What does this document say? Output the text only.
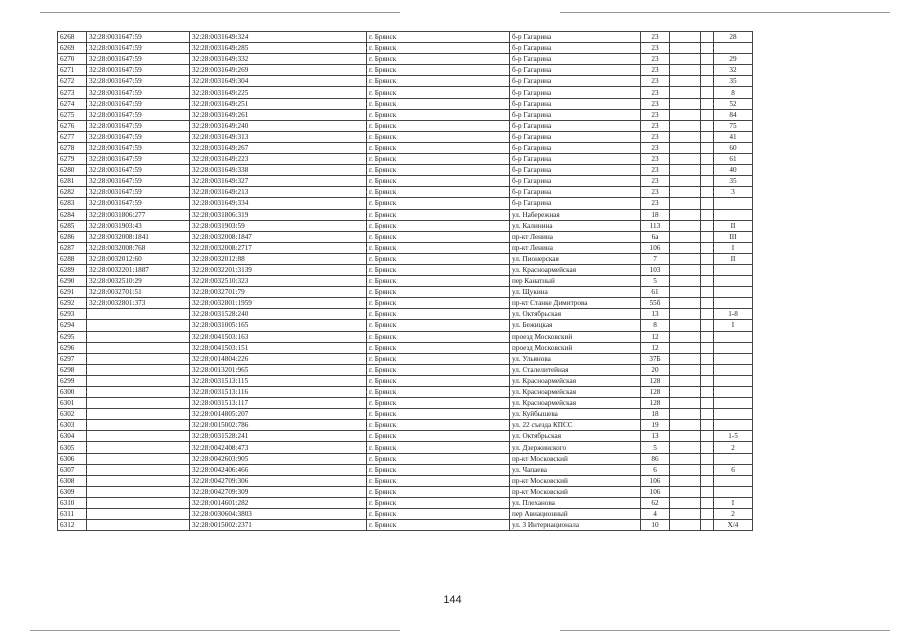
6268	32:28:0031647:59	32:28:0031649:324	г. Брянск	б-р Гагарина	23			28
6269	32:28:0031647:59	32:28:0031649:285	г. Брянск	б-р Гагарина	23			
6270	32:28:0031647:59	32:28:0031649:332	г. Брянск	б-р Гагарина	23			29
6271	32:28:0031647:59	32:28:0031649:269	г. Брянск	б-р Гагарина	23			32
6272	32:28:0031647:59	32:28:0031649:304	г. Брянск	б-р Гагарина	23			35
6273	32:28:0031647:59	32:28:0031649:225	г. Брянск	б-р Гагарина	23			8
6274	32:28:0031647:59	32:28:0031649:251	г. Брянск	б-р Гагарина	23			52
6275	32:28:0031647:59	32:28:0031649:261	г. Брянск	б-р Гагарина	23			84
6276	32:28:0031647:59	32:28:0031649:240	г. Брянск	б-р Гагарина	23			75
6277	32:28:0031647:59	32:28:0031649:313	г. Брянск	б-р Гагарина	23			41
6278	32:28:0031647:59	32:28:0031649:267	г. Брянск	б-р Гагарина	23			60
6279	32:28:0031647:59	32:28:0031649:223	г. Брянск	б-р Гагарина	23			61
6280	32:28:0031647:59	32:28:0031649:338	г. Брянск	б-р Гагарина	23			40
6281	32:28:0031647:59	32:28:0031649:327	г. Брянск	б-р Гагарина	23			35
6282	32:28:0031647:59	32:28:0031649:213	г. Брянск	б-р Гагарина	23			3
6283	32:28:0031647:59	32:28:0031649:334	г. Брянск	б-р Гагарина	23			
6284	32:28:0031806:277	32:28:0031806:319	г. Брянск	ул. Набережная	18			
6285	32:28:0031903:43	32:28:0031903:59	г. Брянск	ул. Калинина	113			II
6286	32:28:0032008:1841	32:28:0032008:1847	г. Брянск	пр-кт Ленина	6а			III
6287	32:28:0032008:768	32:28:0032008:2717	г. Брянск	пр-кт Ленина	106			I
6288	32:28:0032012:60	32:28:0032012:88	г. Брянск	ул. Пионерская	7			II
6289	32:28:0032201:1887	32:28:0032201:3139	г. Брянск	ул. Красноармейская	103			
6290	32:28:0032510:29	32:28:0032510:323	г. Брянск	пер Канатный	5			
6291	32:28:0032701:51	32:28:0032701:79	г. Брянск	ул. Щукина	61			
6292	32:28:0032801:373	32:28:0032801:1959	г. Брянск	пр-кт Станке Димитрова	55б			
6293		32:28:0031528:240	г. Брянск	ул. Октябрьская	13			1-8
6294		32:28:0031005:165	г. Брянск	ул. Бежицкая	8			I
6295		32:28:0041503:163	г. Брянск	проезд Московский	12			
6296		32:28:0041503:151	г. Брянск	проезд Московский	12			
6297		32:28:0014804:226	г. Брянск	ул. Ульянова	37Б			
6298		32:28:0013201:965	г. Брянск	ул. Сталелитейная	20			
6299		32:28:0031513:115	г. Брянск	ул. Красноармейская	128			
6300		32:28:0031513:116	г. Брянск	ул. Красноармейская	128			
6301		32:28:0031513:117	г. Брянск	ул. Красноармейская	128			
6302		32:28:0014805:207	г. Брянск	ул. Куйбышева	18			
6303		32:28:0015002:786	г. Брянск	ул. 22 съезда КПСС	19			
6304		32:28:0031528:241	г. Брянск	ул. Октябрьская	13			1-5
6305		32:28:0042408:473	г. Брянск	ул. Дзержинского	5			2
6306		32:28:0042603:905	г. Брянск	пр-кт Московский	86			
6307		32:28:0042406:466	г. Брянск	ул. Чапаева	6			6
6308		32:28:0042709:306	г. Брянск	пр-кт Московский	106			
6309		32:28:0042709:309	г. Брянск	пр-кт Московский	106			
6310		32:28:0014601:282	г. Брянск	ул. Плеханова	62			I
6311		32:28:0030604:3803	г. Брянск	пер Авиационный	4			2
6312		32:28:0015002:2371	г. Брянск	ул. 3 Интернационала	10			Х/4
144
